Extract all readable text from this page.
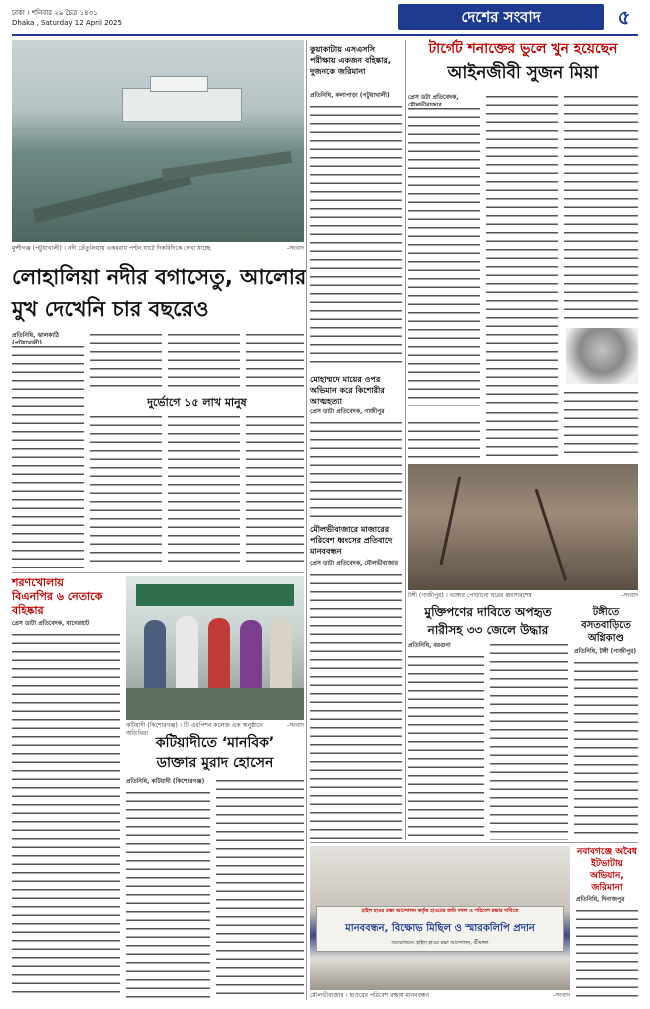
ঢাকা । শনিবার ২৯ চৈত্র ১৪৩১
Dhaka , Saturday 12 April 2025	দেশের সংবাদ	৫
মুন্সীগঞ্জ (পটুয়াখালী) । নদী তেঁতুলিয়ায় একবরাধ পণ্টন ঘাটে দিকবিদিকে দেখা যাচ্ছে	-সংবাদ
কুয়াকাটায় এসএসসি পরীক্ষায় একজন বহিষ্কার, দুজনকে জরিমানা
প্রতিনিধি, কলাপাড়া (পটুয়াখালী)
টার্গেট শনাক্তের ভুলে খুন হয়েছেন
আইনজীবী সুজন মিয়া
প্রেস ডটা প্রতিবেদক,
লোহালিয়া নদীর বগাসেতু, আলোর
মুখ দেখেনি চার বছরেও
প্রতিনিধি, ঝালকাঠি
দুর্ভোগে ১৫ লাখ মানুষ
মোহাম্মদে মায়ের ওপর অভিমান করে কিশোরীর আত্মহত্যা
প্রেস ডাটা প্রতিবেদক, গাজীপুর
টঙ্গী (গাজীপুর) । ভাঙ্গার পোড়ানো ঘরের ধ্বংসাবশেষ	-সংবাদ
মৌলভীবাজারে মাজারের পরিবেশ ধ্বংসের প্রতিবাদে মানববন্ধন
প্রেস ডাটা প্রতিবেদক, মৌলভীবাজার
শরণখোলায়
বিএনপির ৬ নেতাকে
বহিষ্কার
প্রেস ডাটা প্রতিবেদক, বাগেরহাট
কটিয়াদী (কিশোরগঞ্জ) । টি এরপিশন কলেজ এক অনুষ্ঠানে অতিথিরা
-সংবাদ
কটিয়াদীতে ‘মানবিক’
ডাক্তার মুরাদ হোসেন
প্রতিনিধি, কটিয়াদী (কিশোরগঞ্জ)
মুক্তিপণের দাবিতে অপহৃত
নারীসহ ৩৩ জেলে উদ্ধার
প্রতিনিধি, বরগুনা
টঙ্গীতে
বসতবাড়িতে
অগ্নিকাণ্ড
প্রতিনিধি, টঙ্গী (গাজীপুর)
হাইল হাওর রক্ষা আন্দোলন কর্তৃক হাওরের জমি দখল ও পরিবেশ রক্ষার দাবিতে
মানববন্ধন, বিক্ষোভ মিছিল ও স্মারকলিপি প্রদান
আয়োজনে: হাইল হাওর রক্ষা আন্দোলন, শ্রীমঙ্গল
মৌলভীবাজার । হাওরের পরিবেশ রক্ষায় মানববন্ধন	-সংবাদ
নবাবগঞ্জে অবৈধ ইটভাটায় অভিযান, জরিমানা
প্রতিনিধি, দিনাজপুর
